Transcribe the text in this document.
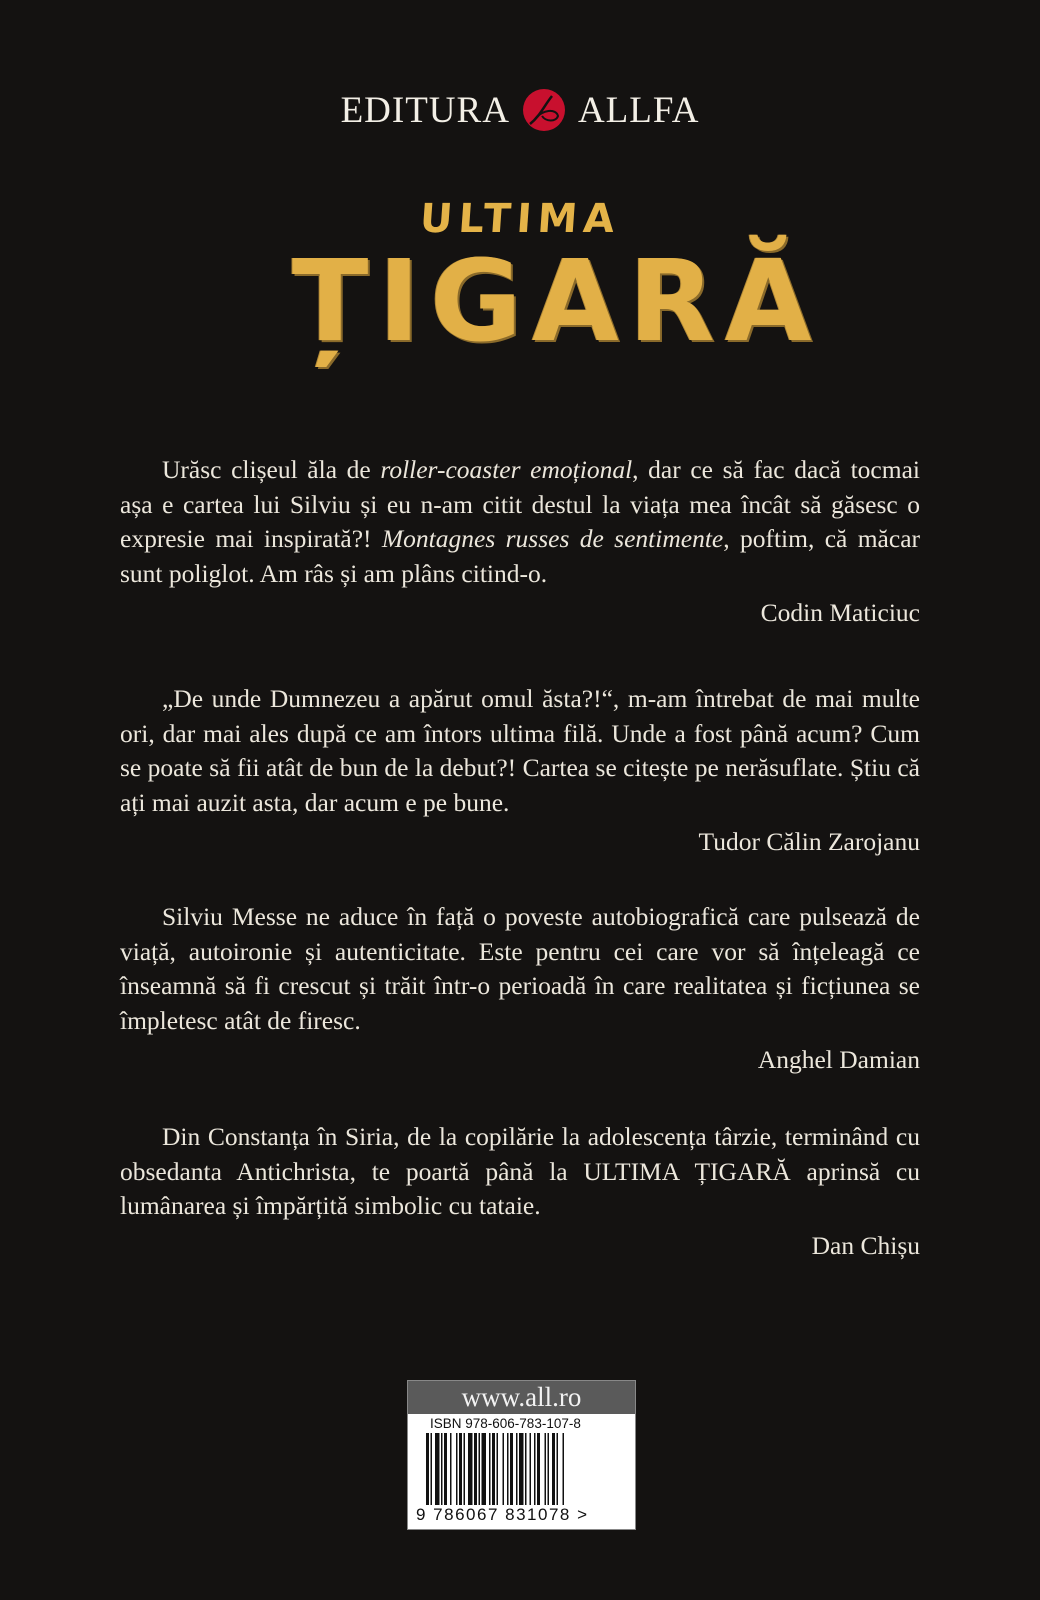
EDITURA ALLFA
ULTIMA
ȚIGARĂ

Urăsc clișeul ăla de roller-coaster emoțional, dar ce să fac dacă tocmai așa e cartea lui Silviu și eu n-am citit destul la viața mea încât să găsesc o expresie mai inspirată?! Montagnes russes de sentimente, poftim, că măcar sunt poliglot. Am râs și am plâns citind-o.

Codin Maticiuc

„De unde Dumnezeu a apărut omul ăsta?!“, m-am întrebat de mai multe ori, dar mai ales după ce am întors ultima filă. Unde a fost până acum? Cum se poate să fii atât de bun de la debut?! Cartea se citește pe nerăsuflate. Știu că ați mai auzit asta, dar acum e pe bune.

Tudor Călin Zarojanu

Silviu Messe ne aduce în față o poveste autobiografică care pulsează de viață, autoironie și autenticitate. Este pentru cei care vor să înțeleagă ce înseamnă să fi crescut și trăit într-o perioadă în care realitatea și ficțiunea se împletesc atât de firesc.

Anghel Damian

Din Constanța în Siria, de la copilărie la adolescența târzie, terminând cu obsedanta Antichrista, te poartă până la ULTIMA ȚIGARĂ aprinsă cu lumânarea și împărțită simbolic cu tataie.

Dan Chișu
www.all.ro
ISBN 978-606-783-107-8
9 786067 831078 >
